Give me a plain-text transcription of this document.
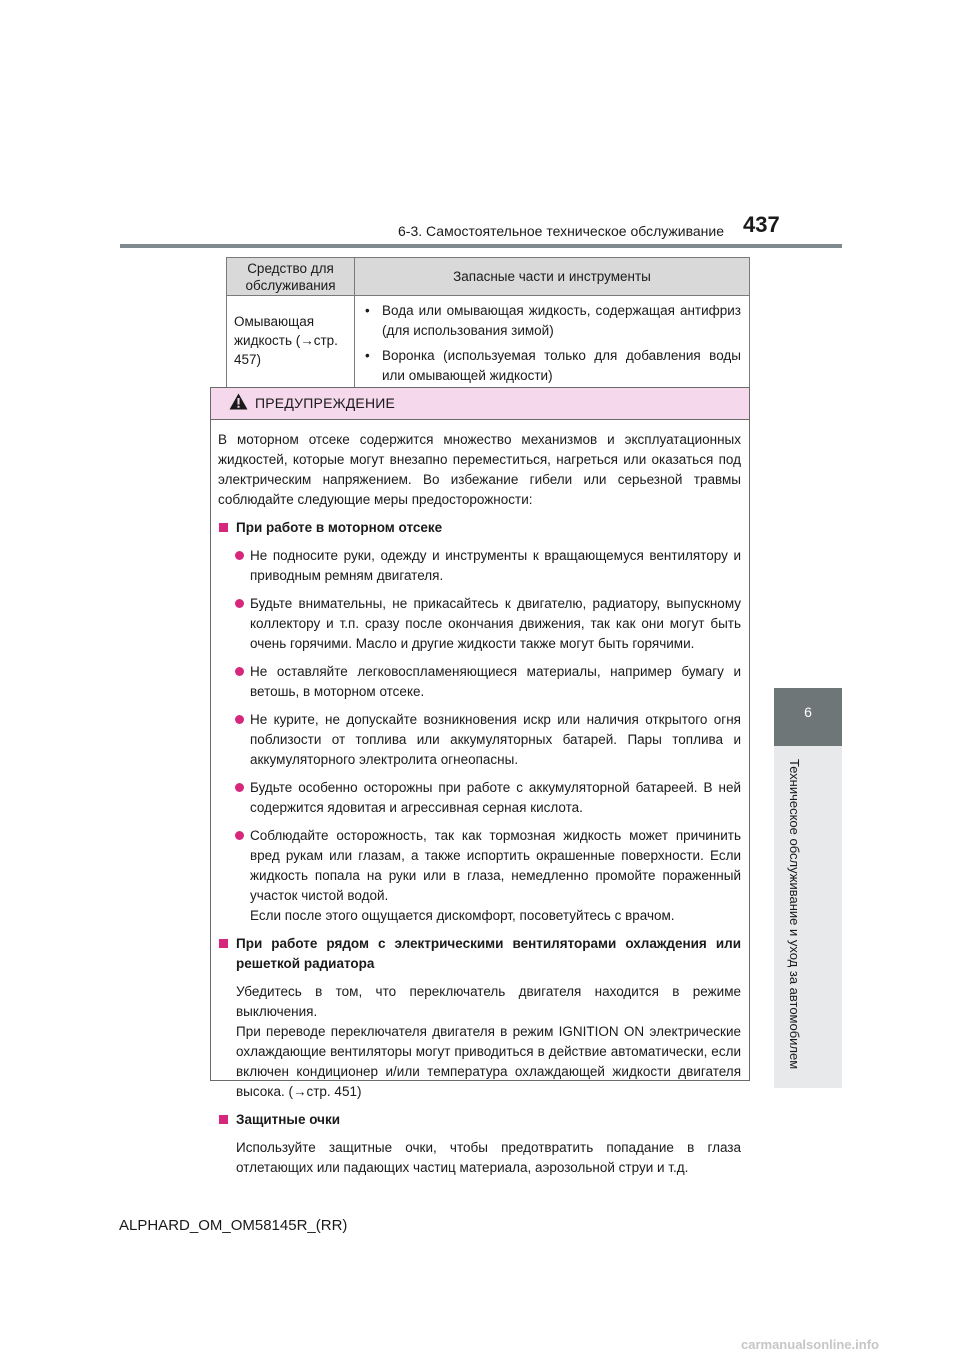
6-3. Самостоятельное техническое обслуживание 437
6
Техническое обслуживание и уход за автомобилем
Средство для обслуживания	Запасные части и инструменты
Омывающая жидкость (→стр. 457)	• Вода или омывающая жидкость, содержащая антифриз (для использования зимой)
• Воронка (используемая только для добавления воды или омывающей жидкости)
ПРЕДУПРЕЖДЕНИЕ

В моторном отсеке содержится множество механизмов и эксплуатационных жидкостей, которые могут внезапно переместиться, нагреться или оказаться под электрическим напряжением. Во избежание гибели или серьезной травмы соблюдайте следующие меры предосторожности:

При работе в моторном отсеке
Не подносите руки, одежду и инструменты к вращающемуся вентилятору и приводным ремням двигателя.
Будьте внимательны, не прикасайтесь к двигателю, радиатору, выпускному коллектору и т.п. сразу после окончания движения, так как они могут быть очень горячими. Масло и другие жидкости также могут быть горячими.
Не оставляйте легковоспламеняющиеся материалы, например бумагу и ветошь, в моторном отсеке.
Не курите, не допускайте возникновения искр или наличия открытого огня поблизости от топлива или аккумуляторных батарей. Пары топлива и аккумуляторного электролита огнеопасны.
Будьте особенно осторожны при работе с аккумуляторной батареей. В ней содержится ядовитая и агрессивная серная кислота.
Соблюдайте осторожность, так как тормозная жидкость может причинить вред рукам или глазам, а также испортить окрашенные поверхности. Если жидкость попала на руки или в глаза, немедленно промойте пораженный участок чистой водой.
Если после этого ощущается дискомфорт, посоветуйтесь с врачом.
При работе рядом с электрическими вентиляторами охлаждения или решеткой радиатора
Убедитесь в том, что переключатель двигателя находится в режиме выключения.
При переводе переключателя двигателя в режим IGNITION ON электрические охлаждающие вентиляторы могут приводиться в действие автоматически, если включен кондиционер и/или температура охлаждающей жидкости двигателя высока. (→стр. 451)
Защитные очки
Используйте защитные очки, чтобы предотвратить попадание в глаза отлетающих или падающих частиц материала, аэрозольной струи и т.д.
ALPHARD_OM_OM58145R_(RR)
carmanualsonline.info
